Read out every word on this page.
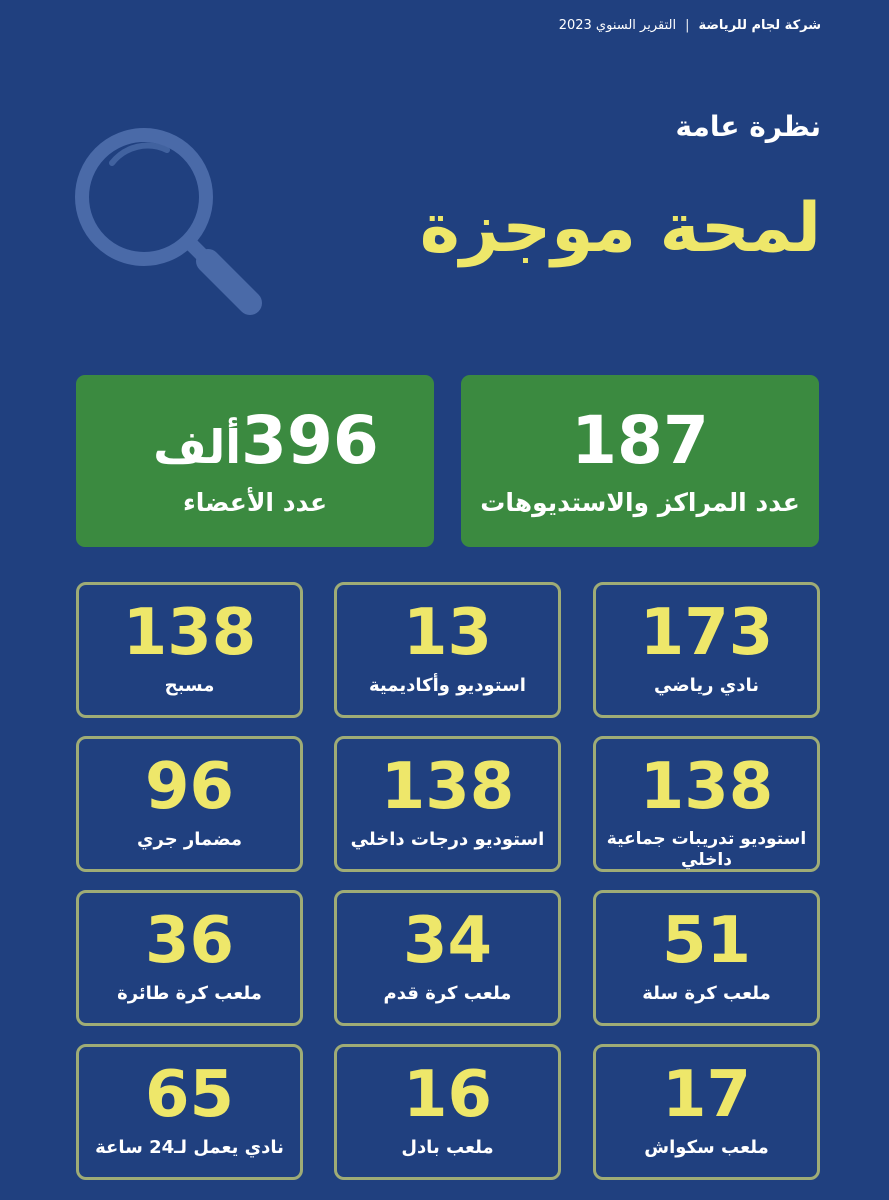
شركة لجام للرياضة
|
التقرير السنوي 2023
نظرة عامة
لمحة موجزة
187
عدد المراكز والاستديوهات
396
ألف
عدد الأعضاء
173
نادي رياضي
13
استوديو وأكاديمية
138
مسبح
138
استوديو تدريبات جماعية داخلي
138
استوديو درجات داخلي
96
مضمار جري
51
ملعب كرة سلة
34
ملعب كرة قدم
36
ملعب كرة طائرة
17
ملعب سكواش
16
ملعب بادل
65
نادي يعمل لـ24 ساعة
